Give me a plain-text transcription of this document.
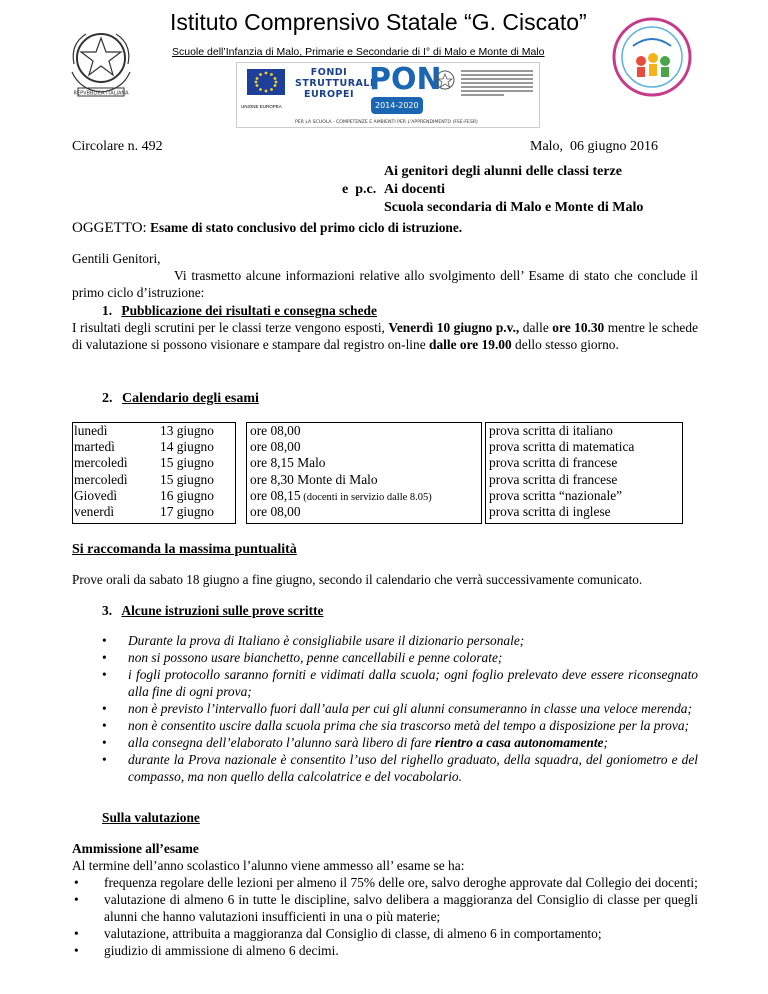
REPVBBLICA ITALIANA
Istituto Comprensivo Statale “G. Ciscato”
Scuole dell’Infanzia di Malo, Primarie e Secondarie di I° di Malo e Monte di Malo
UNIONE EUROPEA
FONDI
STRUTTURALI
EUROPEI PON
2014-2020
PER LA SCUOLA - COMPETENZE E AMBIENTI PER L'APPRENDIMENTO (FSE-FESR)
Circolare n. 492	Malo,  06 giugno 2016
Ai genitori degli alunni delle classi terze
e  p.c. Ai docenti
Scuola secondaria di Malo e Monte di Malo
OGGETTO: Esame di stato conclusivo del primo ciclo di istruzione.
Gentili Genitori,
Vi trasmetto alcune informazioni relative allo svolgimento dell’ Esame di stato che conclude il primo ciclo d’istruzione:
1. Pubblicazione dei risultati e consegna schede

I risultati degli scrutini per le classi terze vengono esposti, Venerdì 10 giugno p.v., dalle ore 10.30 mentre le schede di valutazione si possono visionare e stampare dal registro on-line dalle ore 19.00 dello stesso giorno.

2. Calendario degli esami
lunedì	13 giugno	ore 08,00	prova scritta di italiano
martedì	14 giugno	ore 08,00	prova scritta di matematica
mercoledì 15 giugno	ore 8,15 Malo	prova scritta di francese
mercoledì 15 giugno	ore 8,30 Monte di Malo	prova scritta di francese
Giovedì	16 giugno	ore 08,15 (docenti in servizio dalle 8.05)	prova scritta “nazionale”
venerdì	17 giugno	ore 08,00	prova scritta di inglese
Si raccomanda la massima puntualità
Prove orali da sabato 18 giugno a fine giugno, secondo il calendario che verrà successivamente comunicato.
3. Alcune istruzioni sulle prove scritte
• Durante la prova di Italiano è consigliabile usare il dizionario personale;
• non si possono usare bianchetto, penne cancellabili e penne colorate;
• i fogli protocollo saranno forniti e vidimati dalla scuola; ogni foglio prelevato deve essere riconsegnato alla fine di ogni prova;
• non è previsto l’intervallo fuori dall’aula per cui gli alunni consumeranno in classe una veloce merenda;
• non è consentito uscire dalla scuola prima che sia trascorso metà del tempo a disposizione per la prova;
• alla consegna dell’elaborato l’alunno sarà libero di fare rientro a casa autonomamente;
• durante la Prova nazionale è consentito l’uso del righello graduato, della squadra, del goniometro e del compasso, ma non quello della calcolatrice e del vocabolario.
Sulla valutazione
Ammissione all’esame
Al termine dell’anno scolastico l’alunno viene ammesso all’ esame se ha:
• frequenza regolare delle lezioni per almeno il 75% delle ore, salvo deroghe approvate dal Collegio dei docenti;
• valutazione di almeno 6 in tutte le discipline, salvo delibera a maggioranza del Consiglio di classe per quegli alunni che hanno valutazioni insufficienti in una o più materie;
• valutazione, attribuita a maggioranza dal Consiglio di classe, di almeno 6 in comportamento;
• giudizio di ammissione di almeno 6 decimi.
